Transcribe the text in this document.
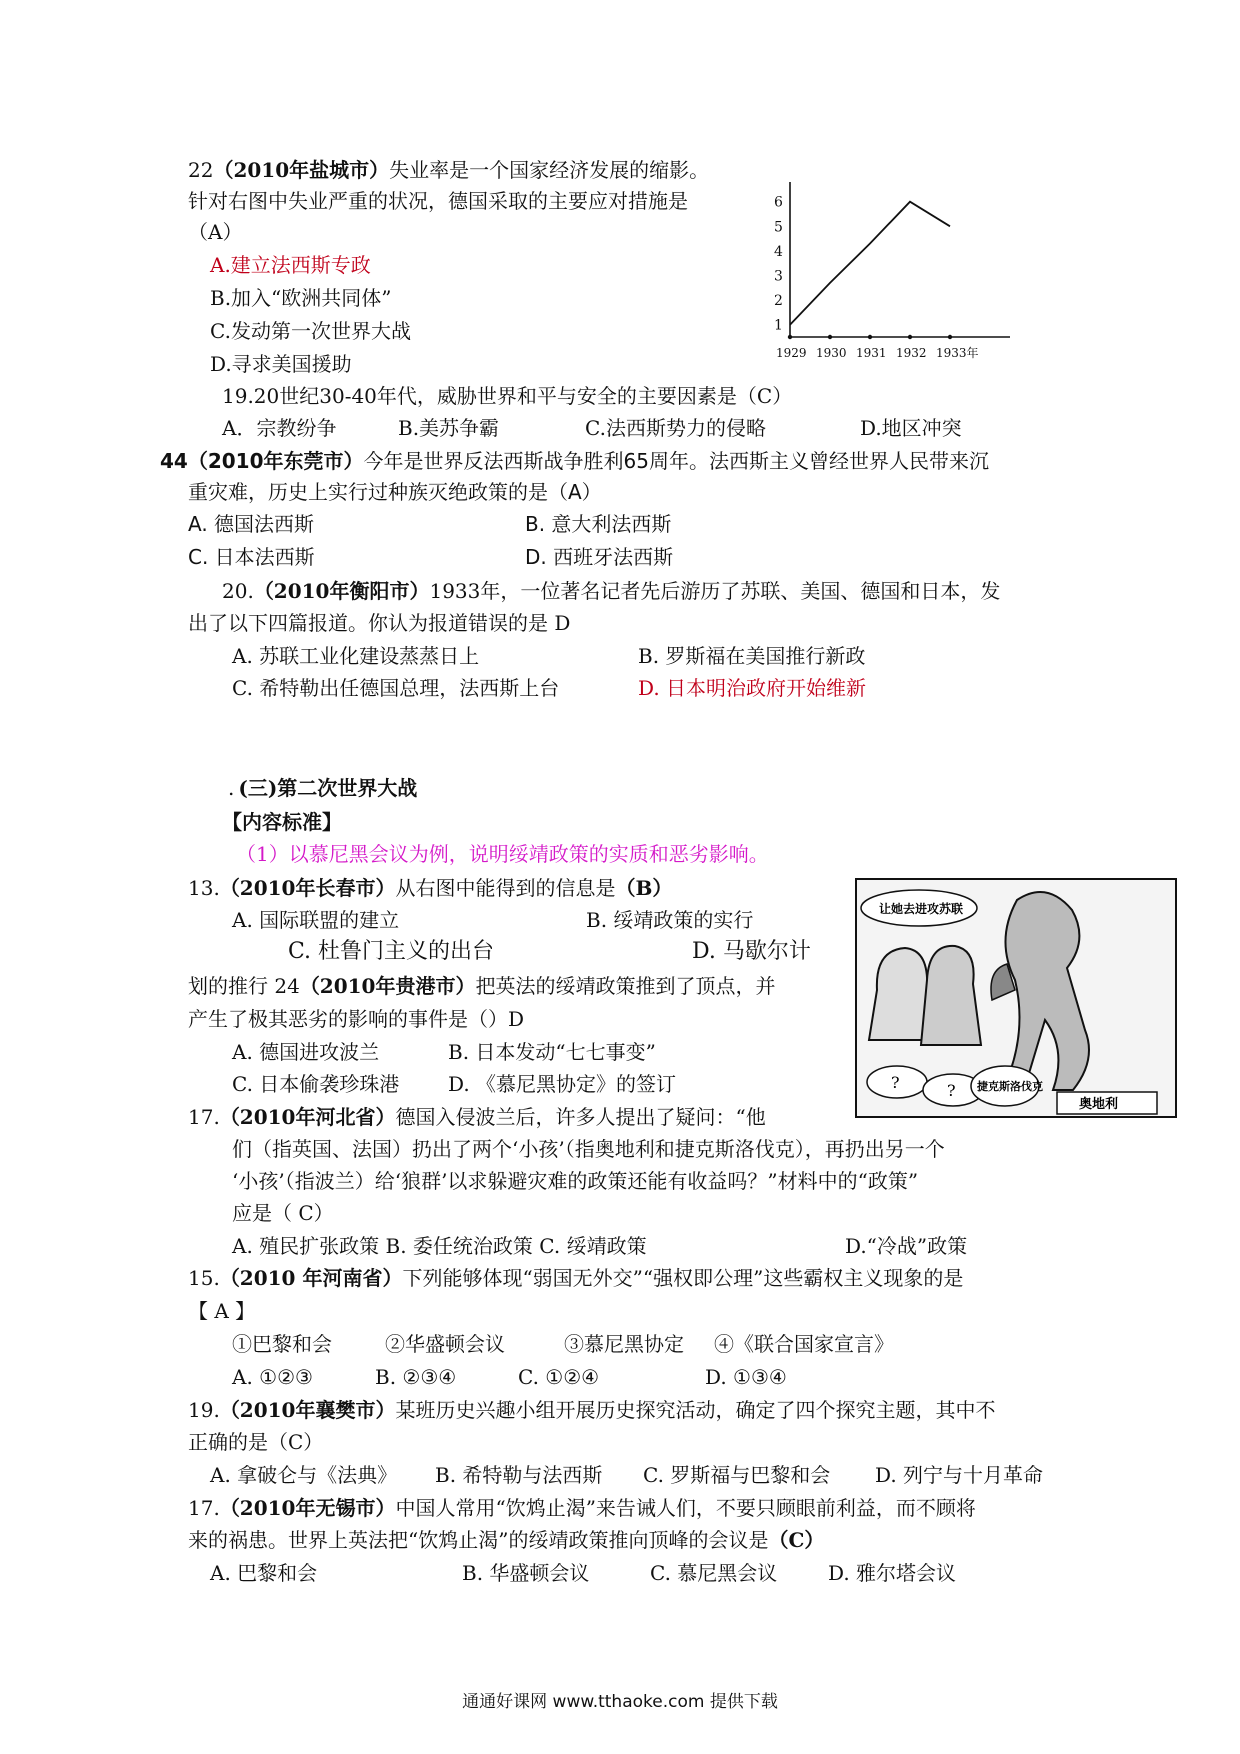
22（2010年盐城市）失业率是一个国家经济发展的缩影。
针对右图中失业严重的状况，德国采取的主要应对措施是
（A）
A.建立法西斯专政
B.加入“欧洲共同体”
C.发动第一次世界大战
D.寻求美国援助
1
2
3
4
5
6
1929 1930 1931 1932 1933年
19.20世纪30-40年代，威胁世界和平与安全的主要因素是（C）
A．宗教纷争	B.美苏争霸	C.法西斯势力的侵略	D.地区冲突
44（2010年东莞市）今年是世界反法西斯战争胜利65周年。法西斯主义曾经世界人民带来沉
重灾难，历史上实行过种族灭绝政策的是（A）
A. 德国法西斯	B. 意大利法西斯
C. 日本法西斯	D. 西班牙法西斯
20.（2010年衡阳市）1933年，一位著名记者先后游历了苏联、美国、德国和日本，发
出了以下四篇报道。你认为报道错误的是 D
A. 苏联工业化建设蒸蒸日上	B. 罗斯福在美国推行新政
C. 希特勒出任德国总理，法西斯上台	D. 日本明治政府开始维新
. (三)第二次世界大战
【内容标准】
（1）以慕尼黑会议为例，说明绥靖政策的实质和恶劣影响。
13.（2010年长春市）从右图中能得到的信息是（B）
A. 国际联盟的建立	B. 绥靖政策的实行
C. 杜鲁门主义的出台	D. 马歇尔计
划的推行 24（2010年贵港市）把英法的绥靖政策推到了顶点，并
产生了极其恶劣的影响的事件是（）D
A. 德国进攻波兰	B. 日本发动“七七事变”
C. 日本偷袭珍珠港 D. 《慕尼黑协定》的签订
让她去进攻苏联
?	? 捷克斯洛伐克
奥地利
17.（2010年河北省）德国入侵波兰后，许多人提出了疑问：“他
们（指英国、法国）扔出了两个‘小孩’（指奥地利和捷克斯洛伐克），再扔出另一个
‘小孩’（指波兰）给‘狼群’以求躲避灾难的政策还能有收益吗？”材料中的“政策”
应是（ C）
A. 殖民扩张政策 B. 委任统治政策 C. 绥靖政策	D.“冷战”政策
15.（2010 年河南省）下列能够体现“弱国无外交”“强权即公理”这些霸权主义现象的是
【 A 】
①巴黎和会	②华盛顿会议	③慕尼黑协定 ④《联合国家宣言》
A. ①②③	B. ②③④	C. ①②④	D. ①③④
19.（2010年襄樊市）某班历史兴趣小组开展历史探究活动，确定了四个探究主题，其中不
正确的是（C）
A. 拿破仑与《法典》 B. 希特勒与法西斯 C. 罗斯福与巴黎和会 D. 列宁与十月革命
17.（2010年无锡市）中国人常用“饮鸩止渴”来告诫人们，不要只顾眼前利益，而不顾将
来的祸患。世界上英法把“饮鸩止渴”的绥靖政策推向顶峰的会议是（C）
A. 巴黎和会	B. 华盛顿会议	C. 慕尼黑会议	D. 雅尔塔会议
通通好课网 www.tthaoke.com 提供下载
